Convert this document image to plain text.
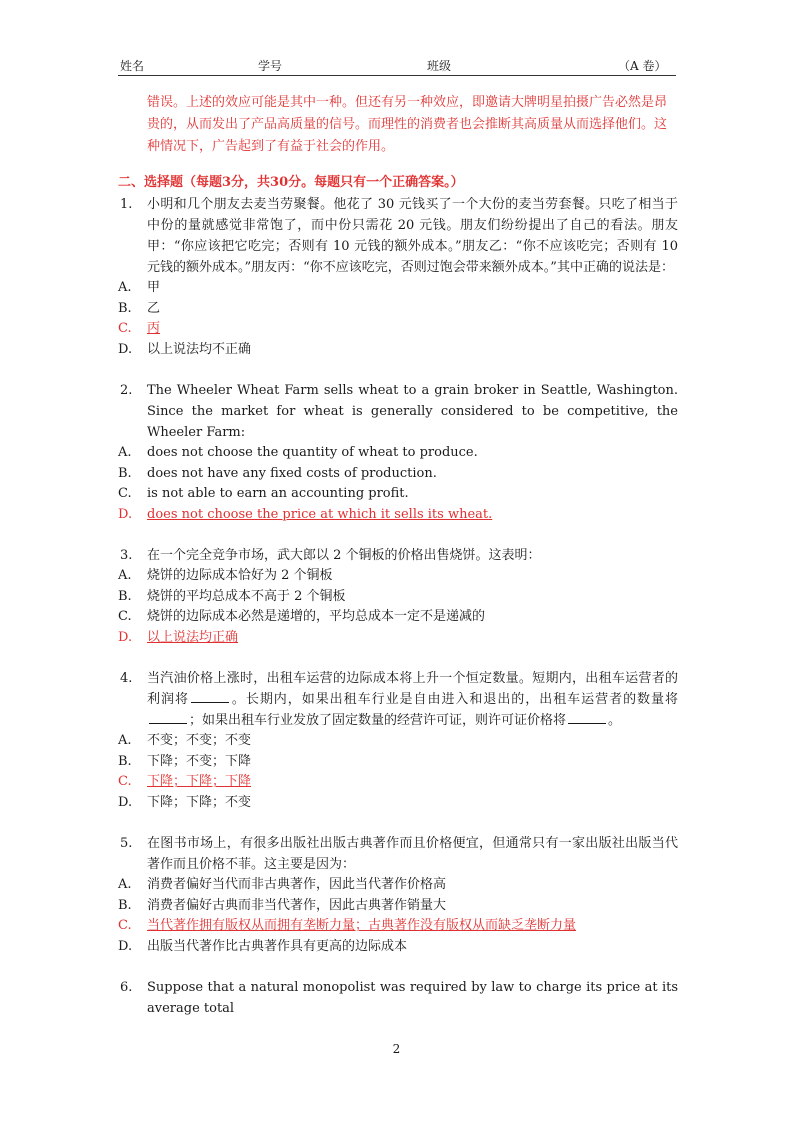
姓名	学号	班级	（A 卷）

错误。上述的效应可能是其中一种。但还有另一种效应，即邀请大牌明星拍摄广告必然是昂贵的，从而发出了产品高质量的信号。而理性的消费者也会推断其高质量从而选择他们。这种情况下，广告起到了有益于社会的作用。

二、选择题（每题3分，共30分。每题只有一个正确答案。）
1. 小明和几个朋友去麦当劳聚餐。他花了 30 元钱买了一个大份的麦当劳套餐。只吃了相当于中份的量就感觉非常饱了，而中份只需花 20 元钱。朋友们纷纷提出了自己的看法。朋友甲：“你应该把它吃完；否则有 10 元钱的额外成本。”朋友乙：“你不应该吃完；否则有 10 元钱的额外成本。”朋友丙：“你不应该吃完，否则过饱会带来额外成本。”其中正确的说法是：
A. 甲
B. 乙
C. 丙
D. 以上说法均不正确
2. The Wheeler Wheat Farm sells wheat to a grain broker in Seattle, Washington. Since the market for wheat is generally considered to be competitive, the Wheeler Farm:
A. does not choose the quantity of wheat to produce.
B. does not have any fixed costs of production.
C. is not able to earn an accounting profit.
D. does not choose the price at which it sells its wheat.
3. 在一个完全竞争市场，武大郎以 2 个铜板的价格出售烧饼。这表明：
A. 烧饼的边际成本恰好为 2 个铜板
B. 烧饼的平均总成本不高于 2 个铜板
C. 烧饼的边际成本必然是递增的，平均总成本一定不是递减的
D. 以上说法均正确
4. 当汽油价格上涨时，出租车运营的边际成本将上升一个恒定数量。短期内，出租车运营者的利润将	。长期内，如果出租车行业是自由进入和退出的，出租车运营者的数量将；如果出租车行业发放了固定数量的经营许可证，则许可证价格将	。
A. 不变；不变；不变
B. 下降；不变；下降
C. 下降；下降；下降
D. 下降；下降；不变
5. 在图书市场上，有很多出版社出版古典著作而且价格便宜，但通常只有一家出版社出版当代著作而且价格不菲。这主要是因为：
A. 消费者偏好当代而非古典著作，因此当代著作价格高
B. 消费者偏好古典而非当代著作，因此古典著作销量大
C. 当代著作拥有版权从而拥有垄断力量；古典著作没有版权从而缺乏垄断力量
D. 出版当代著作比古典著作具有更高的边际成本
6. Suppose that a natural monopolist was required by law to charge its price at its average total
2
